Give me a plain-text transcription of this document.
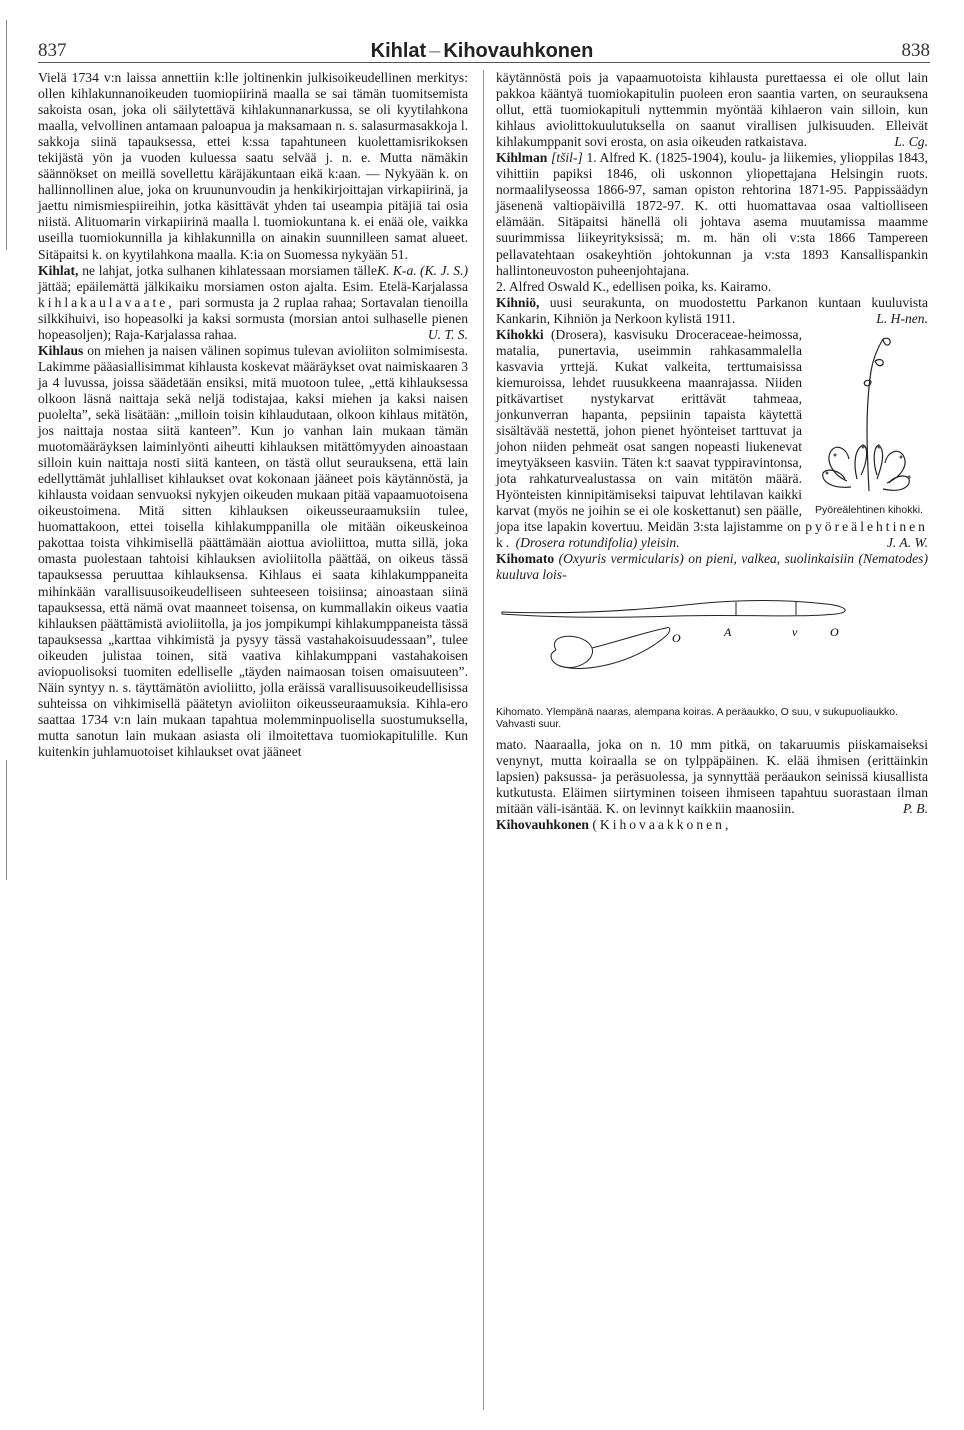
837	Kihlat – Kihovauhkonen	838

Vielä 1734 v:n laissa annettiin k:lle joltinenkin julkisoikeudellinen merkitys: ollen kihlakunnanoikeuden tuomiopiirinä maalla se sai tämän tuomitsemista sakoista osan, joka oli säilytettävä kihlakunnanarkussa, se oli kyytilahkona maalla, velvollinen antamaan paloapua ja maksamaan n. s. salasurmasakkoja l. sakkoja siinä tapauksessa, ettei k:ssa tapahtuneen kuolettamisrikoksen tekijästä yön ja vuoden kuluessa saatu selvää j. n. e. Mutta nämäkin säännökset on meillä sovellettu käräjäkuntaan eikä k:aan. — Nykyään k. on hallinnollinen alue, joka on kruununvoudin ja henkikirjoittajan virkapiirinä, ja jaettu nimismiespiireihin, jotka käsittävät yhden tai useampia pitäjiä tai osia niistä. Alituomarin virkapiirinä maalla l. tuomiokuntana k. ei enää ole, vaikka useilla tuomiokunnilla ja kihlakunnilla on ainakin suunnilleen samat alueet. Sitäpaitsi k. on kyytilahkona maalla. K:ia on Suomessa nykyään 51.
K. K-a. (K. J. S.)

Kihlat, ne lahjat, jotka sulhanen kihlatessaan morsiamen tälle jättää; epäilemättä jälkikaiku morsiamen oston ajalta. Esim. Etelä-Karjalassa kihlakaulavaate, pari sormusta ja 2 ruplaa rahaa; Sortavalan tienoilla silkkihuivi, iso hopeasolki ja kaksi sormusta (morsian antoi sulhaselle pienen hopeasoljen); Raja-Karjalassa rahaa.	U. T. S.

Kihlaus on miehen ja naisen välinen sopimus tulevan avioliiton solmimisesta. Lakimme pääasiallisimmat kihlausta koskevat määräykset ovat naimiskaaren 3 ja 4 luvussa, joissa säädetään ensiksi, mitä muotoon tulee, „että kihlauksessa olkoon läsnä naittaja sekä neljä todistajaa, kaksi miehen ja kaksi naisen puolelta”, sekä lisätään: „milloin toisin kihlaudutaan, olkoon kihlaus mitätön, jos naittaja nostaa siitä kanteen”. Kun jo vanhan lain mukaan tämän muotomääräyksen laiminlyönti aiheutti kihlauksen mitättömyyden ainoastaan silloin kuin naittaja nosti siitä kanteen, on tästä ollut seurauksena, että lain edellyttämät juhlalliset kihlaukset ovat kokonaan jääneet pois käytännöstä, ja kihlausta voidaan senvuoksi nykyjen oikeuden mukaan pitää vapaamuotoisena oikeustoimena. Mitä sitten kihlauksen oikeusseuraamuksiin tulee, huomattakoon, ettei toisella kihlakumppanilla ole mitään oikeuskeinoa pakottaa toista vihkimisellä päättämään aiottua avioliittoa, mutta sillä, joka omasta puolestaan tahtoisi kihlauksen avioliitolla päättää, on oikeus tässä tapauksessa peruuttaa kihlauksensa. Kihlaus ei saata kihlakumppaneita mihinkään varallisuusoikeudelliseen suhteeseen toisiinsa; ainoastaan siinä tapauksessa, että nämä ovat maanneet toisensa, on kummallakin oikeus vaatia kihlauksen päättämistä avioliitolla, ja jos jompikumpi kihlakumppaneista tässä tapauksessa „karttaa vihkimistä ja pysyy tässä vastahakoisuudessaan”, tulee oikeuden julistaa toinen, sitä vaativa kihlakumppani vastahakoisen aviopuolisoksi tuomiten edelliselle „täyden naimaosan toisen omaisuuteen”. Näin syntyy n. s. täyttämätön avioliitto, jolla eräissä varallisuusoikeudellisissa suhteissa on vihkimisellä päätetyn avioliiton oikeusseuraamuksia. Kihla-ero saattaa 1734 v:n lain mukaan tapahtua molemminpuolisella suostumuksella, mutta sanotun lain mukaan asiasta oli ilmoitettava tuomiokapitulille. Kun kuitenkin juhlamuotoiset kihlaukset ovat jääneet

käytännöstä pois ja vapaamuotoista kihlausta purettaessa ei ole ollut lain pakkoa kääntyä tuomiokapitulin puoleen eron saantia varten, on seurauksena ollut, että tuomiokapituli nyttemmin myöntää kihlaeron vain silloin, kun kihlaus aviolittokuulutuksella on saanut virallisen julkisuuden. Elleivät kihlakumppanit sovi erosta, on asia oikeuden ratkaistava.	L. Cg.

Kihlman [tšil-] 1. Alfred K. (1825-1904), koulu- ja liikemies, ylioppilas 1843, vihittiin papiksi 1846, oli uskonnon yliopettajana Helsingin ruots. normaalilyseossa 1866-97, saman opiston rehtorina 1871-95. Pappissäädyn jäsenenä valtiopäivillä 1872-97. K. otti huomattavaa osaa valtiolliseen elämään. Sitäpaitsi hänellä oli johtava asema muutamissa maamme suurimmissa liikeyrityksissä; m. m. hän oli v:sta 1866 Tampereen pellavatehtaan osakeyhtiön johtokunnan ja v:sta 1893 Kansallispankin hallintoneuvoston puheenjohtajana.

2. Alfred Oswald K., edellisen poika, ks. Kairamo.

Kihniö, uusi seurakunta, on muodostettu Parkanon kuntaan kuuluvista Kankarin, Kihniön ja Nerkoon kylistä 1911.	L. H-nen.

Kihokki
Pyöreälehtinen kihokki.
(Drosera), kasvisuku Droceraceae-heimossa, matalia, punertavia, useimmin rahkasammalella kasvavia yrttejä. Kukat valkeita, terttumaisissa kiemuroissa, lehdet ruusukkeena maanrajassa. Niiden pitkävartiset nystykarvat erittävät tahmeaa, jonkunverran hapanta, pepsiinin tapaista käytettä sisältävää nestettä, johon pienet hyönteiset tarttuvat ja johon niiden pehmeät osat sangen nopeasti liukenevat imeytyäkseen kasviin. Täten k:t saavat typpiravintonsa, jota rahkaturvealustassa on vain mitätön määrä. Hyönteisten kinnipitämiseksi taipuvat lehtilavan kaikki karvat (myös ne joihin se ei ole koskettanut) sen päälle, jopa itse lapakin kovertuu. Meidän 3:sta lajistamme on pyöreälehtinen k. (Drosera rotundifolia) yleisin.	J. A. W.

Kihomato (Oxyuris vermicularis) on pieni, valkea, suolinkaisiin (Nematodes) kuuluva lois-

A	v	O
O
Kihomato. Ylempänä naaras, alempana koiras. A peräaukko, O suu, v sukupuoliaukko. Vahvasti suur.

mato. Naaraalla, joka on n. 10 mm pitkä, on takaruumis piiskamaiseksi venynyt, mutta koiraalla se on tylppäpäinen. K. elää ihmisen (erittäinkin lapsien) paksussa- ja peräsuolessa, ja synnyttää peräaukon seinissä kiusallista kutkutusta. Eläimen siirtyminen toiseen ihmiseen tapahtuu suorastaan ilman mitään väli-isäntää. K. on levinnyt kaikkiin maanosiin.	P. B.

Kihovauhkonen (Kihovaakkonen,
